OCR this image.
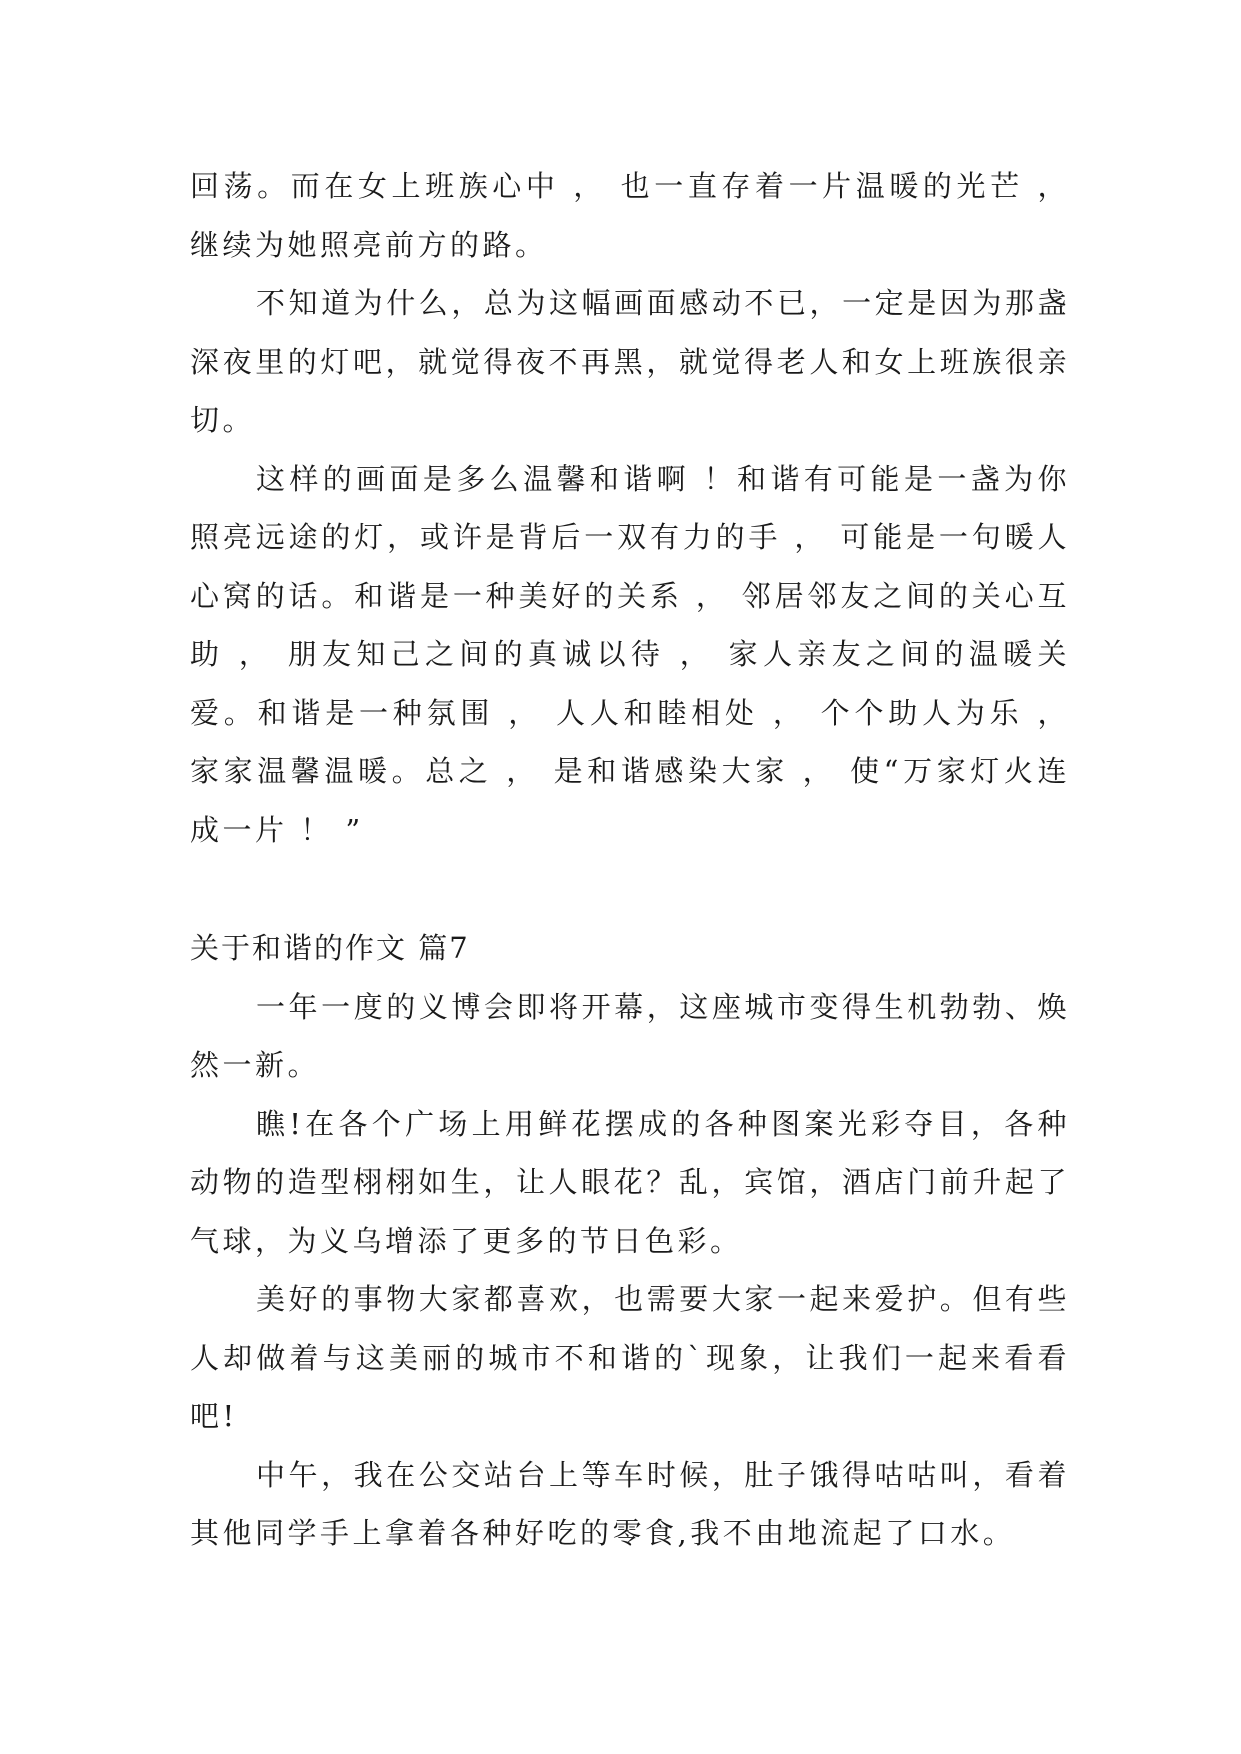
回荡。而在女上班族心中 ， 也一直存着一片温暖的光芒 ，继续为她照亮前方的路。

不知道为什么，总为这幅画面感动不已，一定是因为那盏深夜里的灯吧，就觉得夜不再黑，就觉得老人和女上班族很亲切。

这样的画面是多么温馨和谐啊 ！和谐有可能是一盏为你照亮远途的灯，或许是背后一双有力的手 ， 可能是一句暖人心窝的话。和谐是一种美好的关系 ， 邻居邻友之间的关心互助 ， 朋友知己之间的真诚以待 ， 家人亲友之间的温暖关爱。和谐是一种氛围 ， 人人和睦相处 ， 个个助人为乐 ， 家家温馨温暖。总之 ， 是和谐感染大家 ， 使“万家灯火连成一片 ！ ”

关于和谐的作文 篇7

一年一度的义博会即将开幕，这座城市变得生机勃勃、焕然一新。

瞧!在各个广场上用鲜花摆成的各种图案光彩夺目，各种动物的造型栩栩如生，让人眼花？乱，宾馆，酒店门前升起了气球，为义乌增添了更多的节日色彩。

美好的事物大家都喜欢，也需要大家一起来爱护。但有些人却做着与这美丽的城市不和谐的`现象，让我们一起来看看吧!

中午，我在公交站台上等车时候，肚子饿得咕咕叫，看着其他同学手上拿着各种好吃的零食,我不由地流起了口水。
